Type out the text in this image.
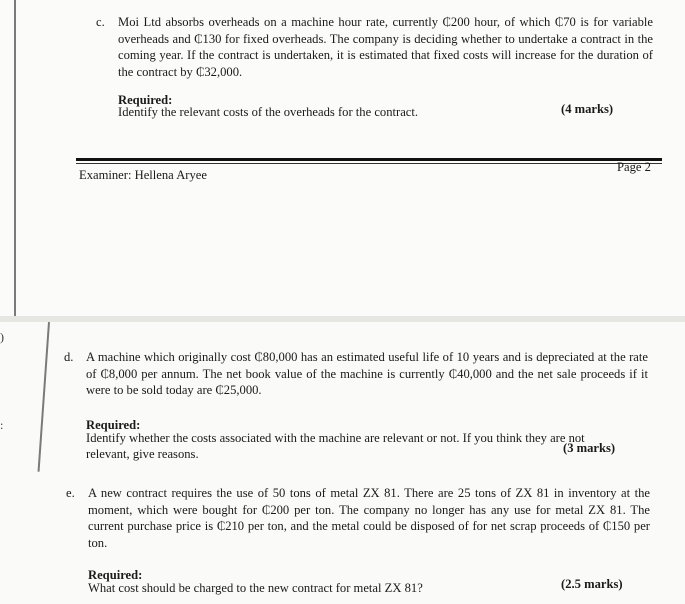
c. Moi Ltd absorbs overheads on a machine hour rate, currently ₵200 hour, of which ₵70 is for variable overheads and ₵130 for fixed overheads. The company is deciding whether to undertake a contract in the coming year. If the contract is undertaken, it is estimated that fixed costs will increase for the duration of the contract by ₵32,000.
Required:
Identify the relevant costs of the overheads for the contract.	(4 marks)
Examiner: Hellena Aryee
Page 2
)
:
d. A machine which originally cost ₵80,000 has an estimated useful life of 10 years and is depreciated at the rate of ₵8,000 per annum. The net book value of the machine is currently ₵40,000 and the net sale proceeds if it were to be sold today are ₵25,000.
Required:
Identify whether the costs associated with the machine are relevant or not. If you think they are not
relevant, give reasons.	(3 marks)
e. A new contract requires the use of 50 tons of metal ZX 81. There are 25 tons of ZX 81 in inventory at the moment, which were bought for ₵200 per ton. The company no longer has any use for metal ZX 81. The current purchase price is ₵210 per ton, and the metal could be disposed of for net scrap proceeds of ₵150 per ton.
Required:
What cost should be charged to the new contract for metal ZX 81?	(2.5 marks)
